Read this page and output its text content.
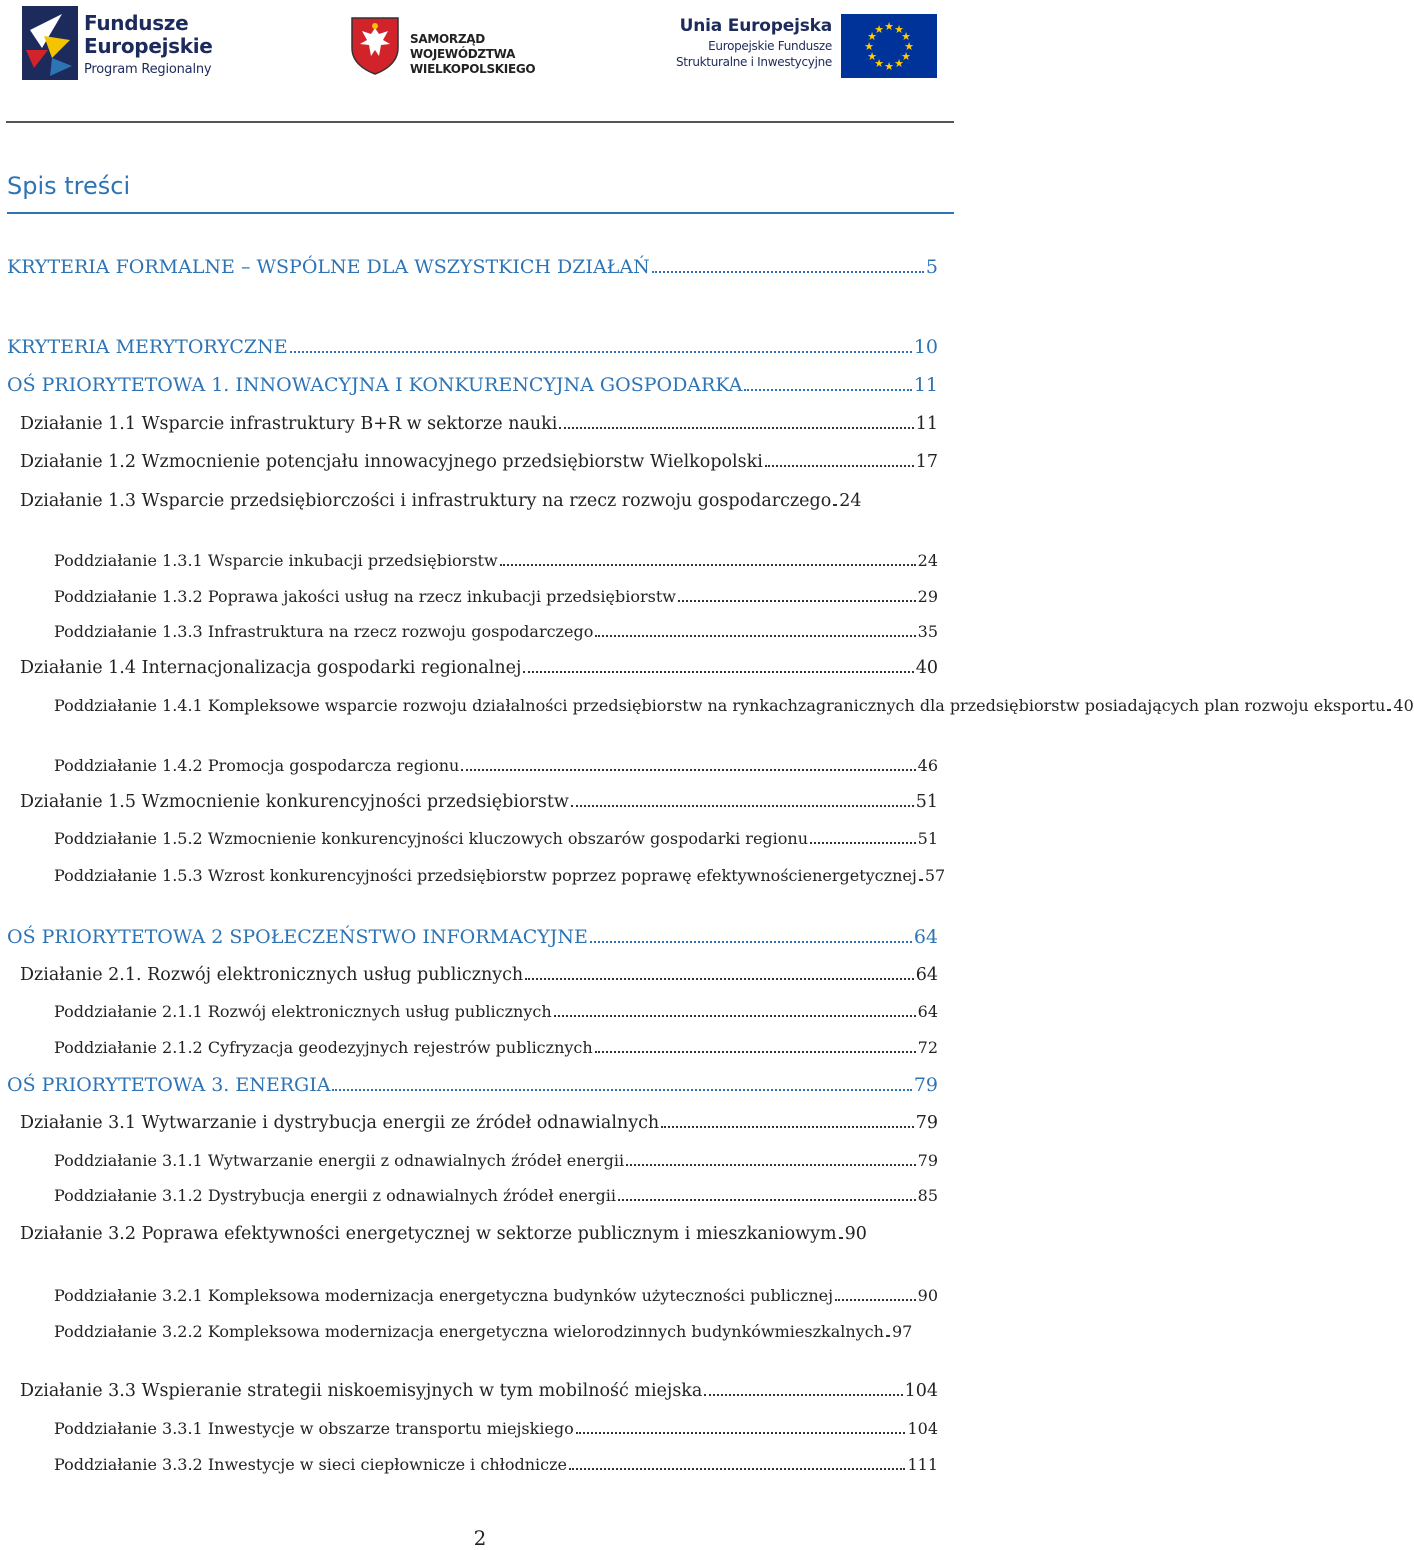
Fundusze
Europejskie
Program Regionalny
SAMORZĄD WOJEWÓDZTWA
WIELKOPOLSKIEGO
Unia Europejska
Europejskie Fundusze
Strukturalne i Inwestycyjne
★ ★
★
★
★
★
★
★
★
★
★
★
Spis treści
KRYTERIA FORMALNE – WSPÓLNE DLA WSZYSTKICH DZIAŁAŃ	5
KRYTERIA MERYTORYCZNE	10
OŚ PRIORYTETOWA 1. INNOWACYJNA I KONKURENCYJNA GOSPODARKA	11
Działanie 1.1 Wsparcie infrastruktury B+R w sektorze nauki	11
Działanie 1.2 Wzmocnienie potencjału innowacyjnego przedsiębiorstw Wielkopolski	17
Działanie 1.3 Wsparcie przedsiębiorczości i infrastruktury na rzecz rozwoju gospodarczego 24
Poddziałanie 1.3.1 Wsparcie inkubacji przedsiębiorstw	24
Poddziałanie 1.3.2 Poprawa jakości usług na rzecz inkubacji przedsiębiorstw	29
Poddziałanie 1.3.3 Infrastruktura na rzecz rozwoju gospodarczego	35
Działanie 1.4 Internacjonalizacja gospodarki regionalnej	40
Poddziałanie 1.4.1 Kompleksowe wsparcie rozwoju działalności przedsiębiorstw na rynkach zagranicznych dla przedsiębiorstw posiadających plan rozwoju eksportu 40
Poddziałanie 1.4.2 Promocja gospodarcza regionu	46
Działanie 1.5 Wzmocnienie konkurencyjności przedsiębiorstw	51
Poddziałanie 1.5.2 Wzmocnienie konkurencyjności kluczowych obszarów gospodarki regionu	51
Poddziałanie 1.5.3 Wzrost konkurencyjności przedsiębiorstw poprzez poprawę efektywności energetycznej 57
OŚ PRIORYTETOWA 2 SPOŁECZEŃSTWO INFORMACYJNE	64
Działanie 2.1. Rozwój elektronicznych usług publicznych	64
Poddziałanie 2.1.1 Rozwój elektronicznych usług publicznych	64
Poddziałanie 2.1.2 Cyfryzacja geodezyjnych rejestrów publicznych	72
OŚ PRIORYTETOWA 3. ENERGIA	79
Działanie 3.1 Wytwarzanie i dystrybucja energii ze źródeł odnawialnych	79
Poddziałanie 3.1.1 Wytwarzanie energii z odnawialnych źródeł energii	79
Poddziałanie 3.1.2 Dystrybucja energii z odnawialnych źródeł energii	85
Działanie 3.2 Poprawa efektywności energetycznej w sektorze publicznym i mieszkaniowym 90
Poddziałanie 3.2.1 Kompleksowa modernizacja energetyczna budynków użyteczności publicznej	90
Poddziałanie 3.2.2 Kompleksowa modernizacja energetyczna wielorodzinnych budynków mieszkalnych 97
Działanie 3.3 Wspieranie strategii niskoemisyjnych w tym mobilność miejska	104
Poddziałanie 3.3.1 Inwestycje w obszarze transportu miejskiego	104
Poddziałanie 3.3.2 Inwestycje w sieci ciepłownicze i chłodnicze	111
2
